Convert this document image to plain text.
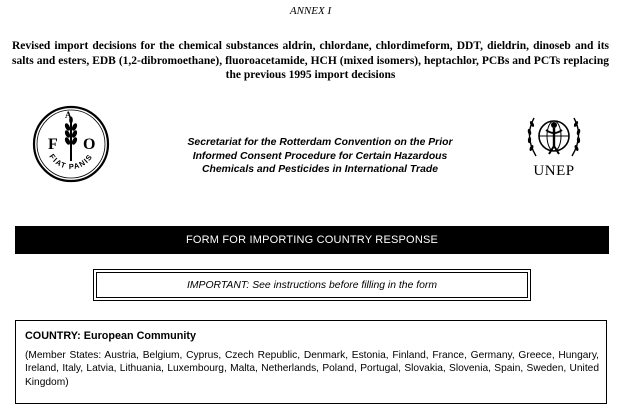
ANNEX I
Revised import decisions for the chemical substances aldrin, chlordane, chlordimeform, DDT, dieldrin, dinoseb and its salts and esters, EDB (1,2-dibromoethane), fluoroacetamide, HCH (mixed isomers), heptachlor, PCBs and PCTs replacing the previous 1995 import decisions
F O
A
FIAT PANIS
UNEP
Secretariat for the Rotterdam Convention on the Prior
Informed Consent Procedure for Certain Hazardous
Chemicals and Pesticides in International Trade
FORM FOR IMPORTING COUNTRY RESPONSE
IMPORTANT: See instructions before filling in the form
COUNTRY: European Community
(Member States: Austria, Belgium, Cyprus, Czech Republic, Denmark, Estonia, Finland, France, Germany, Greece, Hungary, Ireland, Italy, Latvia, Lithuania, Luxembourg, Malta, Netherlands, Poland, Portugal, Slovakia, Slovenia, Spain, Sweden, United Kingdom)
